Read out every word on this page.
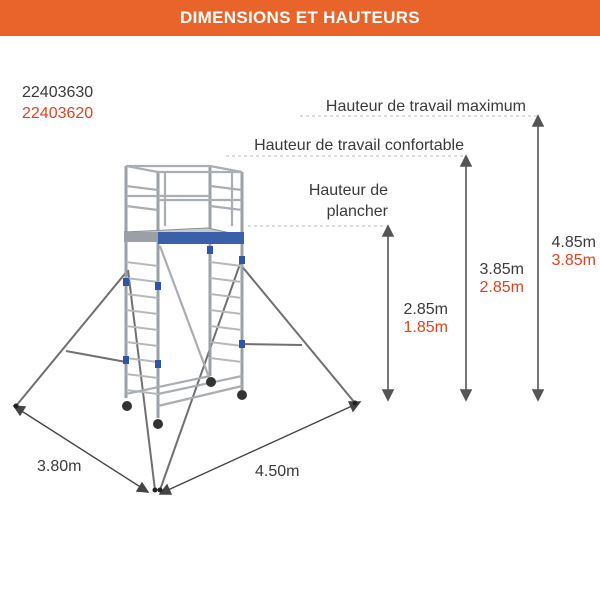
DIMENSIONS ET HAUTEURS
22403630
22403620	Hauteur de travail maximum
Hauteur de travail confortable
Hauteur de
plancher
4.85m
3.85m
3.85m
2.85m
2.85m
1.85m
3.80m	4.50m
